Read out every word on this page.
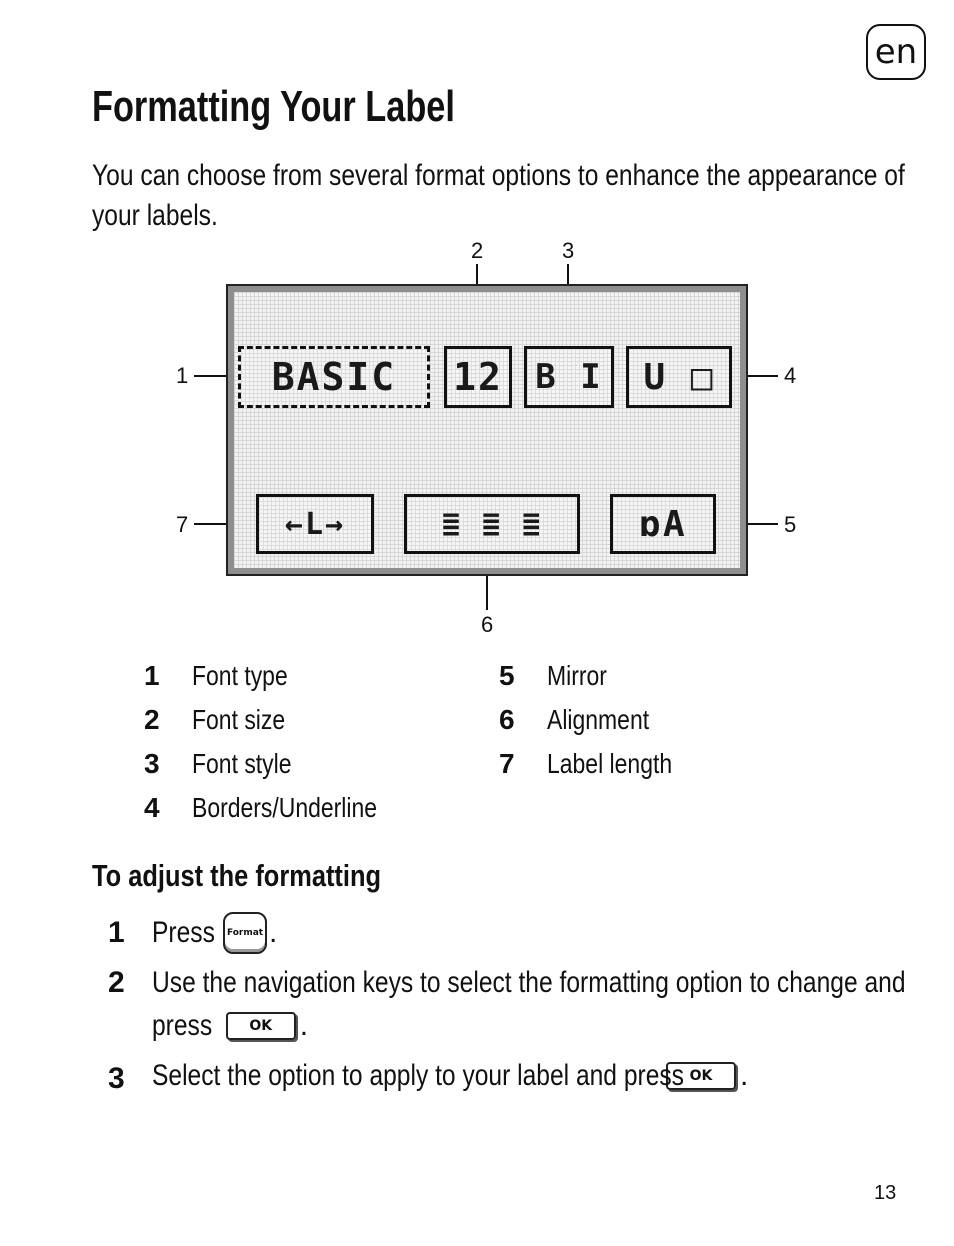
en
Formatting Your Label
You can choose from several format options to enhance the appearance of
your labels.
1
2	3
4
5
6
7
BASIC 12 B I U □
←L→	≣ ≣ ≣	ɒA
1 Font type
2 Font size
3 Font style
4 Borders/Underline
5 Mirror
6 Alignment
7 Label length
To adjust the formatting
1 Press Format .
2 Use the navigation keys to select the formatting option to change and
press	OK .
3 Select the option to apply to your label and press OK .
13
